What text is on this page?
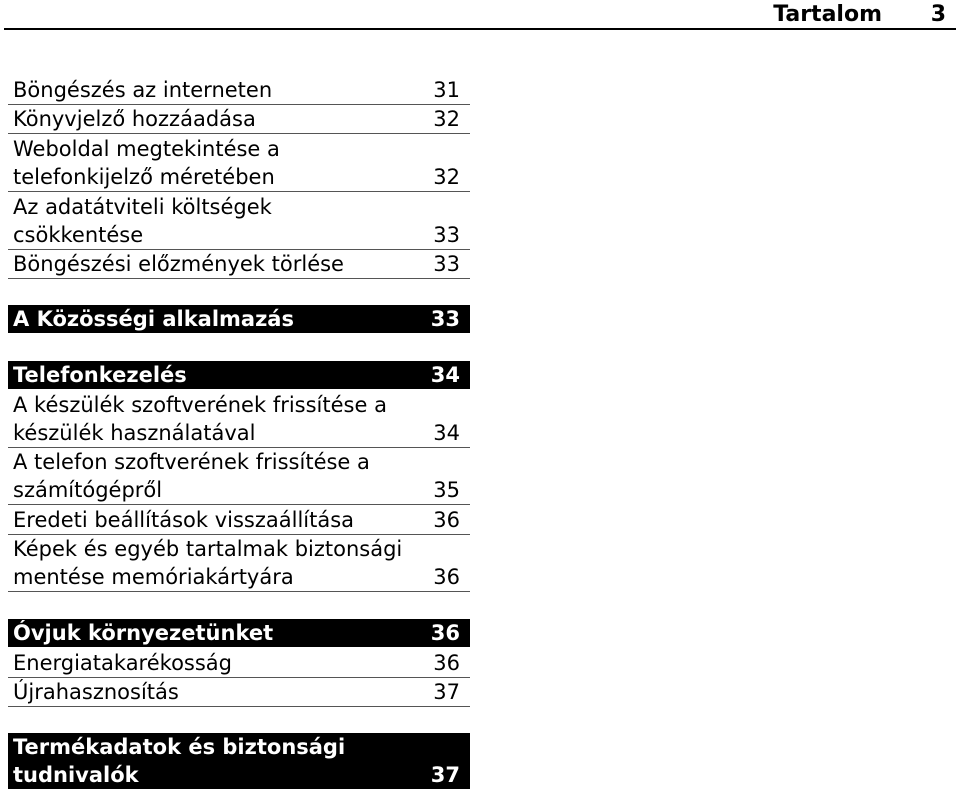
Tartalom 3
Böngészés az interneten	31
Könyvjelző hozzáadása	32
Weboldal megtekintése a
telefonkijelző méretében	32
Az adatátviteli költségek
csökkentése	33
Böngészési előzmények törlése	33
A Közösségi alkalmazás	33
Telefonkezelés	34
A készülék szoftverének frissítése a
készülék használatával	34
A telefon szoftverének frissítése a
számítógépről	35
Eredeti beállítások visszaállítása	36
Képek és egyéb tartalmak biztonsági
mentése memóriakártyára	36
Óvjuk környezetünket	36
Energiatakarékosság	36
Újrahasznosítás	37
Termékadatok és biztonsági
tudnivalók	37
